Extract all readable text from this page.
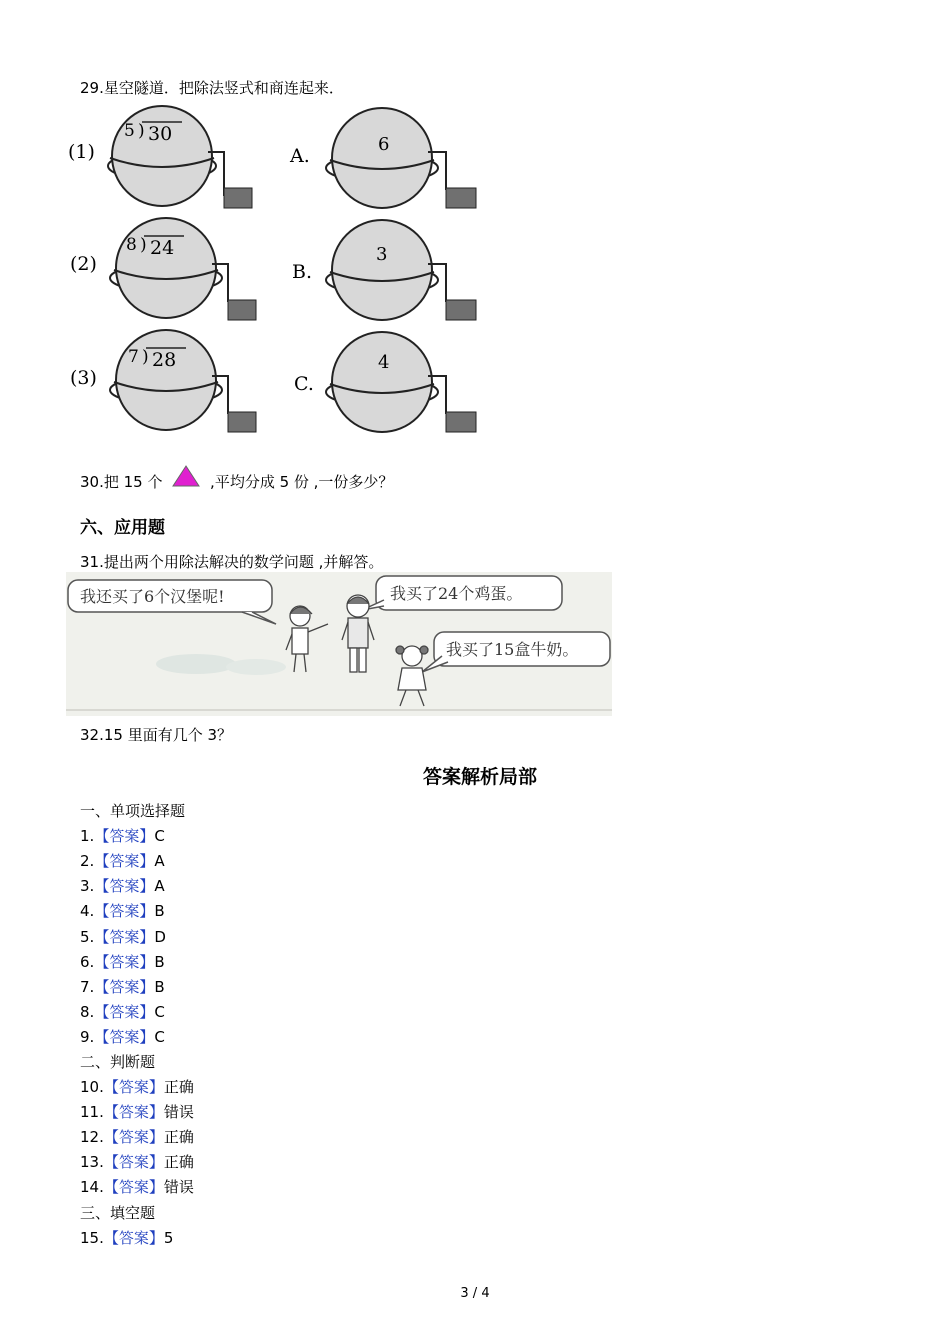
29.星空隧道．把除法竖式和商连起来．
(1)
5 ) 30
A.
6
(2)
8 ) 24
B.
3
(3)
7 ) 28
C.
4
30.把 15 个	,平均分成 5 份 ,一份多少？
六、应用题
31.提出两个用除法解决的数学问题 ,并解答。
我还买了6个汉堡呢!	我买了24个鸡蛋。
我买了15盒牛奶。
32.15 里面有几个 3？
答案解析局部
一、单项选择题
1.【答案】C
2.【答案】A
3.【答案】A
4.【答案】B
5.【答案】D
6.【答案】B
7.【答案】B
8.【答案】C
9.【答案】C
二、判断题
10.【答案】正确
11.【答案】错误
12.【答案】正确
13.【答案】正确
14.【答案】错误
三、填空题
15.【答案】5
3 / 4
